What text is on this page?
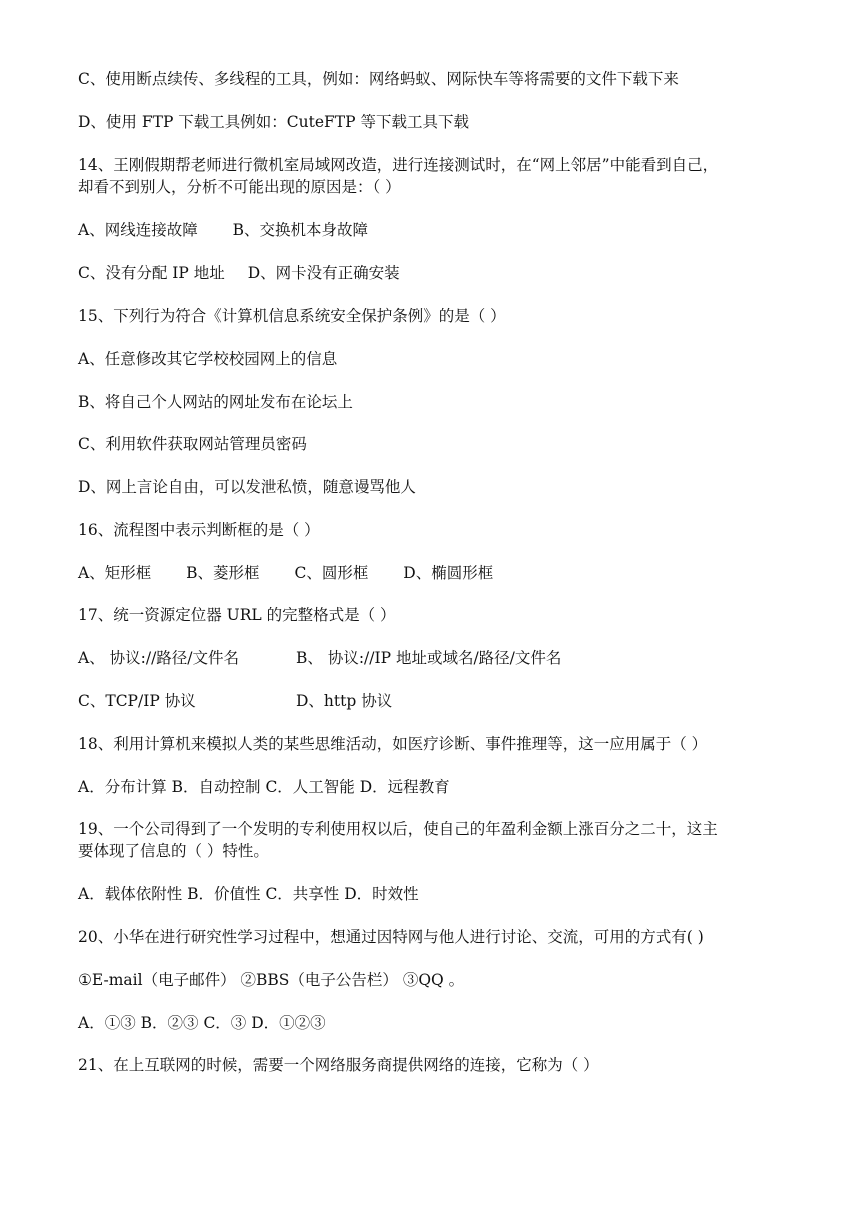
C、使用断点续传、多线程的工具，例如：网络蚂蚁、网际快车等将需要的文件下载下来
D、使用 FTP 下载工具例如：CuteFTP 等下载工具下载
14、王刚假期帮老师进行微机室局域网改造，进行连接测试时，在“网上邻居”中能看到自己，
却看不到别人，分析不可能出现的原因是：（ ）
A、网线连接故障 B、交换机本身故障
C、没有分配 IP 地址 D、网卡没有正确安装
15、下列行为符合《计算机信息系统安全保护条例》的是（ ）
A、任意修改其它学校校园网上的信息
B、将自己个人网站的网址发布在论坛上
C、利用软件获取网站管理员密码
D、网上言论自由，可以发泄私愤，随意谩骂他人
16、流程图中表示判断框的是（ ）
A、矩形框 B、菱形框 C、圆形框 D、椭圆形框
17、统一资源定位器 URL 的完整格式是（ ）
A、 协议://路径/文件名	B、 协议://IP 地址或域名/路径/文件名
C、TCP/IP 协议	D、http 协议
18、利用计算机来模拟人类的某些思维活动，如医疗诊断、事件推理等，这一应用属于（ ）
A．分布计算 B．自动控制 C．人工智能 D．远程教育
19、一个公司得到了一个发明的专利使用权以后，使自己的年盈利金额上涨百分之二十，这主
要体现了信息的（ ）特性。
A．载体依附性 B．价值性 C．共享性 D．时效性
20、小华在进行研究性学习过程中，想通过因特网与他人进行讨论、交流，可用的方式有( )
①E-mail（电子邮件） ②BBS（电子公告栏） ③QQ 。
A．①③ B．②③ C．③ D．①②③
21、在上互联网的时候，需要一个网络服务商提供网络的连接，它称为（ ）
